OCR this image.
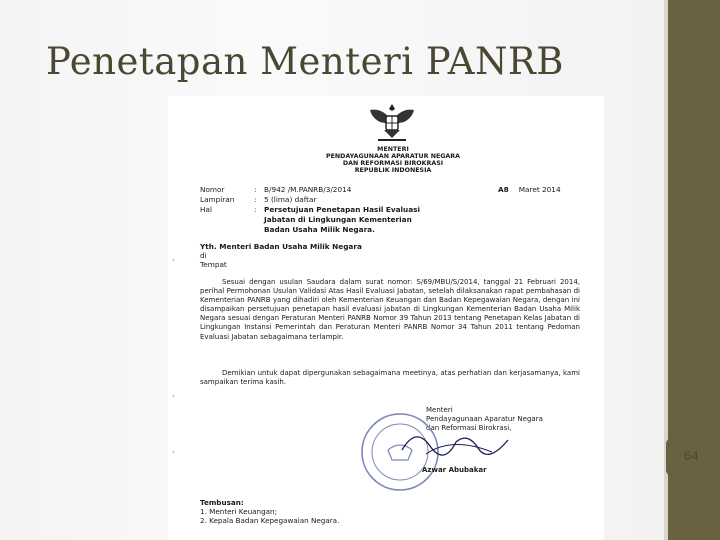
Penetapan Menteri PANRB

MENTERI

PENDAYAGUNAAN APARATUR NEGARA

DAN REFORMASI BIROKRASI

REPUBLIK INDONESIA

Nomor	: B/942 /M.PANRB/3/2014	A8 Maret 2014
Lampiran	: 5 (lima) daftar
Hal	: Persetujuan Penetapan Hasil Evaluasi
Jabatan di Lingkungan Kementerian
Badan Usaha Milik Negara.
Yth. Menteri Badan Usaha Milik Negara
di
Tempat
›

Sesuai dengan usulan Saudara dalam surat nomor: S/69/MBU/S/2014, tanggal 21 Februari 2014, perihal Permohonan Usulan Validasi Atas Hasil Evaluasi Jabatan, setelah dilaksanakan rapat pembahasan di Kementerian PANRB yang dihadiri oleh Kementerian Keuangan dan Badan Kepegawaian Negara, dengan ini disampaikan persetujuan penetapan hasil evaluasi jabatan di Lingkungan Kementerian Badan Usaha Milik Negara sesuai dengan Peraturan Menteri PANRB Nomor 39 Tahun 2013 tentang Penetapan Kelas Jabatan di Lingkungan Instansi Pemerintah dan Peraturan Menteri PANRB Nomor 34 Tahun 2011 tentang Pedoman Evaluasi Jabatan sebagaimana terlampir.

Demikian untuk dapat dipergunakan sebagaimana meetinya, atas perhatian dan kerjasamanya, kami sampaikan terima kasih.

›
Menteri
Pendayagunaan Aparatur Negara
dan Reformasi Birokrasi,
Azwar Abubakar
›
Tembusan:
1. Menteri Keuangan;
2. Kepala Badan Kepegawaian Negara.
64
